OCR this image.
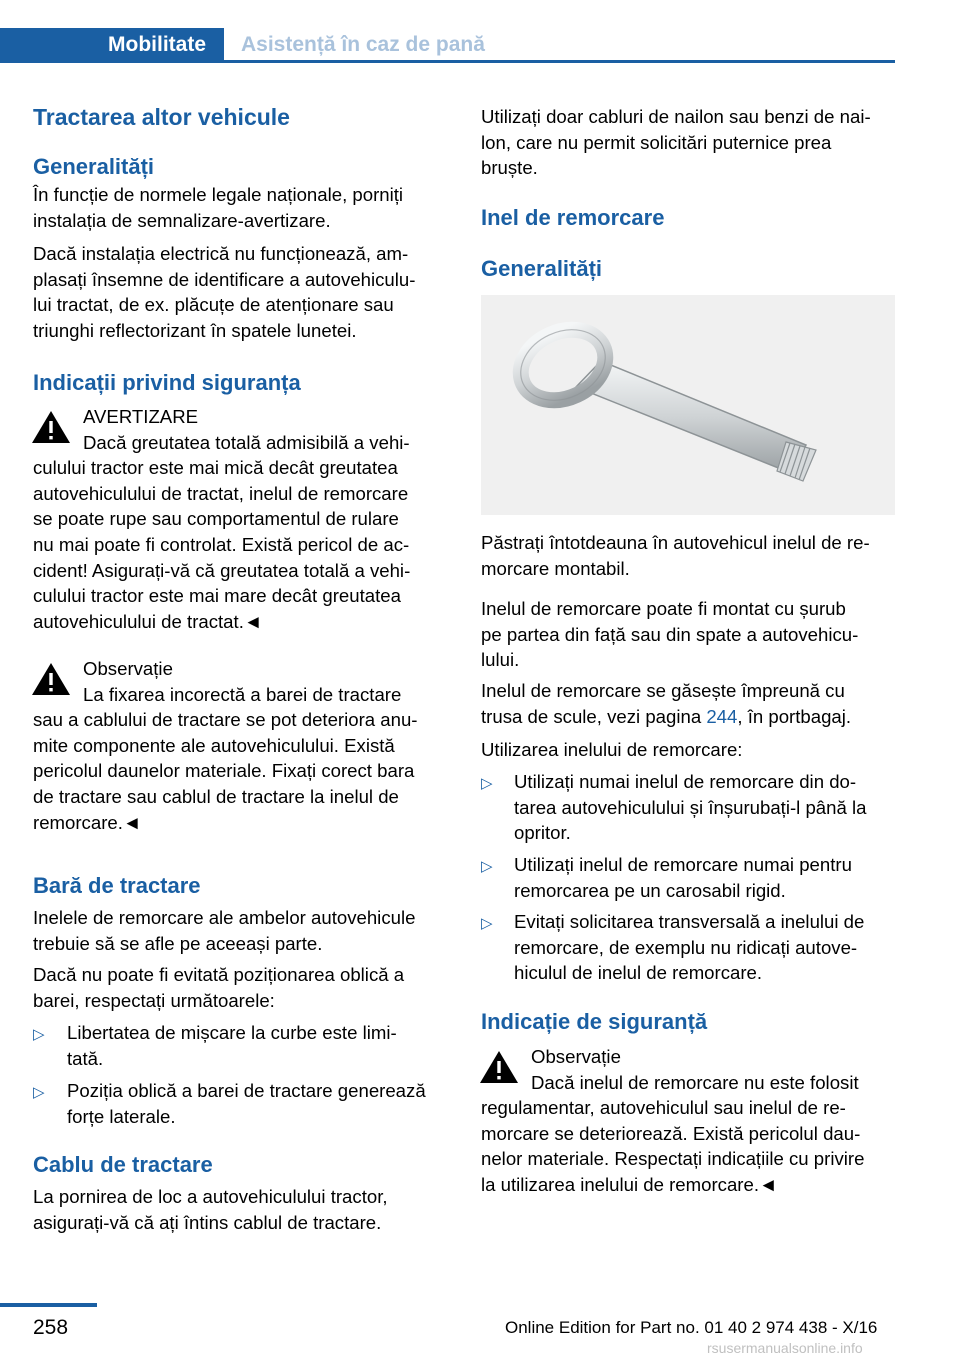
Mobilitate Asistență în caz de pană
Tractarea altor vehicule
Generalități
În funcție de normele legale naționale, porniți
instalația de semnalizare-avertizare.
Dacă instalația electrică nu funcționează, am-
plasați însemne de identificare a autovehiculu-
lui tractat, de ex. plăcuțe de atenționare sau
triunghi reflectorizant în spatele lunetei.
Indicații privind siguranța
AVERTIZARE
Dacă greutatea totală admisibilă a vehi-
culului tractor este mai mică decât greutatea
autovehiculului de tractat, inelul de remorcare
se poate rupe sau comportamentul de rulare
nu mai poate fi controlat. Există pericol de ac-
cident! Asigurați-vă că greutatea totală a vehi-
culului tractor este mai mare decât greutatea
autovehiculului de tractat.◄
Observație
La fixarea incorectă a barei de tractare
sau a cablului de tractare se pot deteriora anu-
mite componente ale autovehiculului. Există
pericolul daunelor materiale. Fixați corect bara
de tractare sau cablul de tractare la inelul de
remorcare.◄
Bară de tractare
Inelele de remorcare ale ambelor autovehicule
trebuie să se afle pe aceeași parte.
Dacă nu poate fi evitată poziționarea oblică a
barei, respectați următoarele:
▷ Libertatea de mișcare la curbe este limi-
tată.
▷ Poziția oblică a barei de tractare generează
forțe laterale.
Cablu de tractare
La pornirea de loc a autovehiculului tractor,
asigurați-vă că ați întins cablul de tractare.
Utilizați doar cabluri de nailon sau benzi de nai-
lon, care nu permit solicitări puternice prea
bruște.
Inel de remorcare
Generalități
Păstrați întotdeauna în autovehicul inelul de re-
morcare montabil.
Inelul de remorcare poate fi montat cu șurub
pe partea din față sau din spate a autovehicu-
lului.
Inelul de remorcare se găsește împreună cu
trusa de scule, vezi pagina 244, în portbagaj.
Utilizarea inelului de remorcare:
▷ Utilizați numai inelul de remorcare din do-
tarea autovehiculului și înșurubați-l până la
opritor.
▷ Utilizați inelul de remorcare numai pentru
remorcarea pe un carosabil rigid.
▷ Evitați solicitarea transversală a inelului de
remorcare, de exemplu nu ridicați autove-
hiculul de inelul de remorcare.
Indicație de siguranță
Observație
Dacă inelul de remorcare nu este folosit
regulamentar, autovehiculul sau inelul de re-
morcare se deteriorează. Există pericolul dau-
nelor materiale. Respectați indicațiile cu privire
la utilizarea inelului de remorcare.◄
258	Online Edition for Part no. 01 40 2 974 438 - X/16
rsusermanualsonline.info
